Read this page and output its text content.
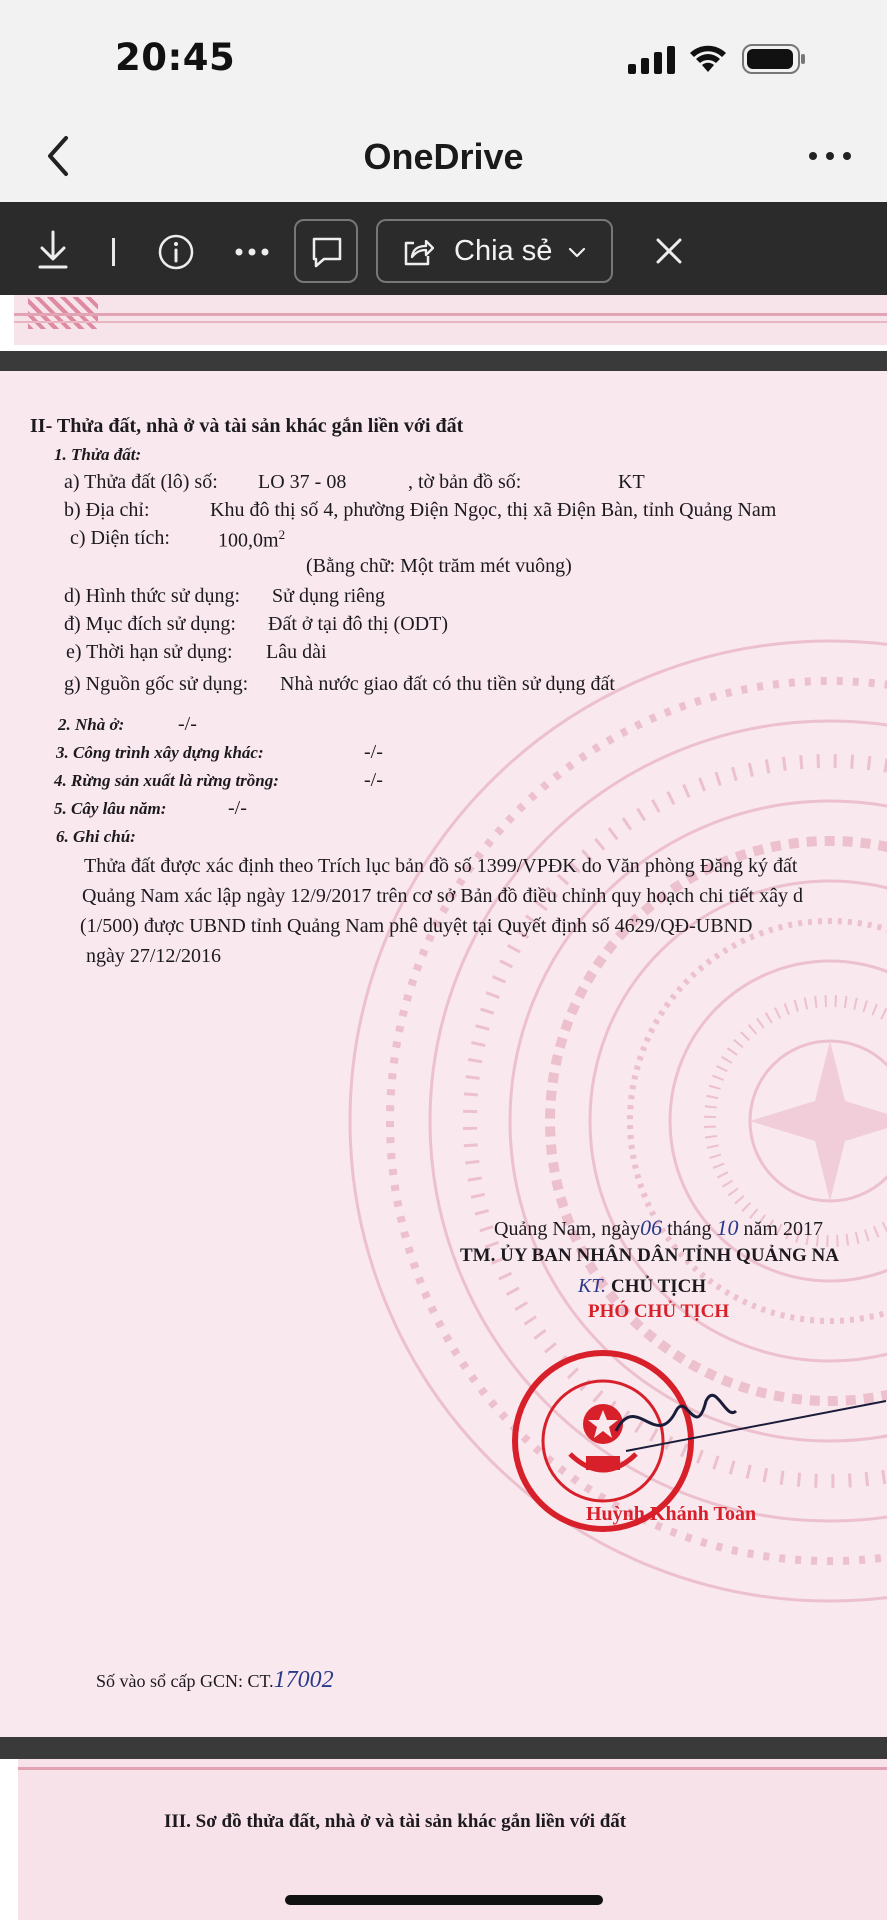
20:45
OneDrive
Chia sẻ
II- Thửa đất, nhà ở và tài sản khác gắn liền với đất
1. Thửa đất:
a) Thửa đất (lô) số: LO 37 - 08	, tờ bản đồ số:	KT
b) Địa chỉ:	Khu đô thị số 4, phường Điện Ngọc, thị xã Điện Bàn, tỉnh Quảng Nam
c) Diện tích: $100,0m^2$
(Bằng chữ: Một trăm mét vuông)
d) Hình thức sử dụng: Sử dụng riêng
đ) Mục đích sử dụng: Đất ở tại đô thị (ODT)
e) Thời hạn sử dụng: Lâu dài
g) Nguồn gốc sử dụng: Nhà nước giao đất có thu tiền sử dụng đất
2. Nhà ở:	-/-
3. Công trình xây dựng khác:	-/-
4. Rừng sản xuất là rừng trồng:	-/-
5. Cây lâu năm:	-/-
6. Ghi chú:
Thửa đất được xác định theo Trích lục bản đồ số 1399/VPĐK do Văn phòng Đăng ký đất
Quảng Nam xác lập ngày 12/9/2017 trên cơ sở Bản đồ điều chỉnh quy hoạch chi tiết xây d
(1/500) được UBND tỉnh Quảng Nam phê duyệt tại Quyết định số 4629/QĐ-UBND
ngày 27/12/2016
Quảng Nam, ngày06 tháng 10 năm 2017
TM. ỦY BAN NHÂN DÂN TỈNH QUẢNG NA
KT. CHỦ TỊCH
PHÓ CHỦ TỊCH
Huỳnh Khánh Toàn
Số vào sổ cấp GCN: CT.17002
III. Sơ đồ thửa đất, nhà ở và tài sản khác gắn liền với đất
